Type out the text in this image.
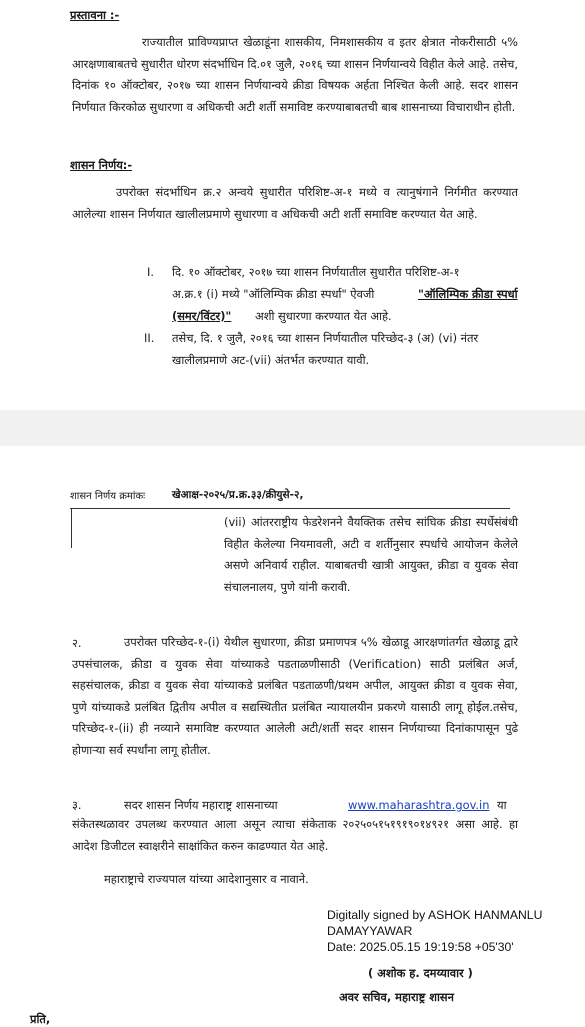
प्रस्तावना :-

राज्यातील प्राविण्यप्राप्त खेळाडूंना शासकीय, निमशासकीय व इतर क्षेत्रात नोकरीसाठी ५% आरक्षणाबाबतचे सुधारीत धोरण संदर्भाधिन दि.०१ जुलै, २०१६ च्या शासन निर्णयान्वये विहीत केले आहे. तसेच, दिनांक १० ऑक्टोबर, २०१७ च्या शासन निर्णयान्वये क्रीडा विषयक अर्हता निश्चित केली आहे. सदर शासन निर्णयात किरकोळ सुधारणा व अधिकची अटी शर्ती समाविष्ट करण्याबाबतची बाब शासनाच्या विचाराधीन होती.

शासन निर्णय:-

उपरोक्त संदर्भाधिन क्र.२ अन्वये सुधारीत परिशिष्ट-अ-१ मध्ये व त्यानुषंगाने निर्गमीत करण्यात आलेल्या शासन निर्णयात खालीलप्रमाणे सुधारणा व अधिकची अटी शर्ती समाविष्ट करण्यात येत आहे.

I. दि. १० ऑक्टोबर, २०१७ च्या शासन निर्णयातील सुधारीत परिशिष्ट-अ-१
अ.क्र.१ (i) मध्ये "ऑलिम्पिक क्रीडा स्पर्धा" ऐवजी	"ऑलिम्पिक क्रीडा स्पर्धा
(समर/विंटर)" अशी सुधारणा करण्यात येत आहे.
II. तसेच, दि. १ जुलै, २०१६ च्या शासन निर्णयातील परिच्छेद-३ (अ) (vi) नंतर
खालीलप्रमाणे अट-(vii) अंतर्भत करण्यात यावी.
शासन निर्णय क्रमांकः	खेआक्ष-२०२५/प्र.क्र.३३/क्रीयुसे-२,

(vii) आंतरराष्ट्रीय फेडरेशनने वैयक्तिक तसेच सांघिक क्रीडा स्पर्धेसंबंधी विहीत केलेल्या नियमावली, अटी व शर्तीनुसार स्पर्धाचे आयोजन केलेले असणे अनिवार्य राहील. याबाबतची खात्री आयुक्त, क्रीडा व युवक सेवा संचालनालय, पुणे यांनी करावी.

२.	उपरोक्त परिच्छेद-१-(i) येथील सुधारणा, क्रीडा प्रमाणपत्र ५% खेळाडू आरक्षणांतर्गत खेळाडू द्वारे उपसंचालक, क्रीडा व युवक सेवा यांच्याकडे पडताळणीसाठी (Verification) साठी प्रलंबित अर्ज, सहसंचालक, क्रीडा व युवक सेवा यांच्याकडे प्रलंबित पडताळणी/प्रथम अपील, आयुक्त क्रीडा व युवक सेवा, पुणे यांच्याकडे प्रलंबित द्वितीय अपील व सद्यस्थितीत प्रलंबित न्यायालयीन प्रकरणे यासाठी लागू होईल.तसेच, परिच्छेद-१-(ii) ही नव्याने समाविष्ट करण्यात आलेली अटी/शर्ती सदर शासन निर्णयाच्या दिनांकापासून पुढे होणाऱ्या सर्व स्पर्धांना लागू होतील.

३.	सदर शासन निर्णय महाराष्ट्र शासनाच्या	www.maharashtra.gov.in या

संकेतस्थळावर उपलब्ध करण्यात आला असून त्याचा संकेताक २०२५०५१५१९१९०१४९२१ असा आहे. हा आदेश डिजीटल स्वाक्षरीने साक्षांकित करुन काढण्यात येत आहे.

महाराष्ट्राचे राज्यपाल यांच्या आदेशानुसार व नावाने.
Digitally signed by ASHOK HANMANLU
DAMAYYAWAR
Date: 2025.05.15 19:19:58 +05'30'
( अशोक ह. दमय्यावार )
अवर सचिव, महाराष्ट्र शासन
प्रति,
